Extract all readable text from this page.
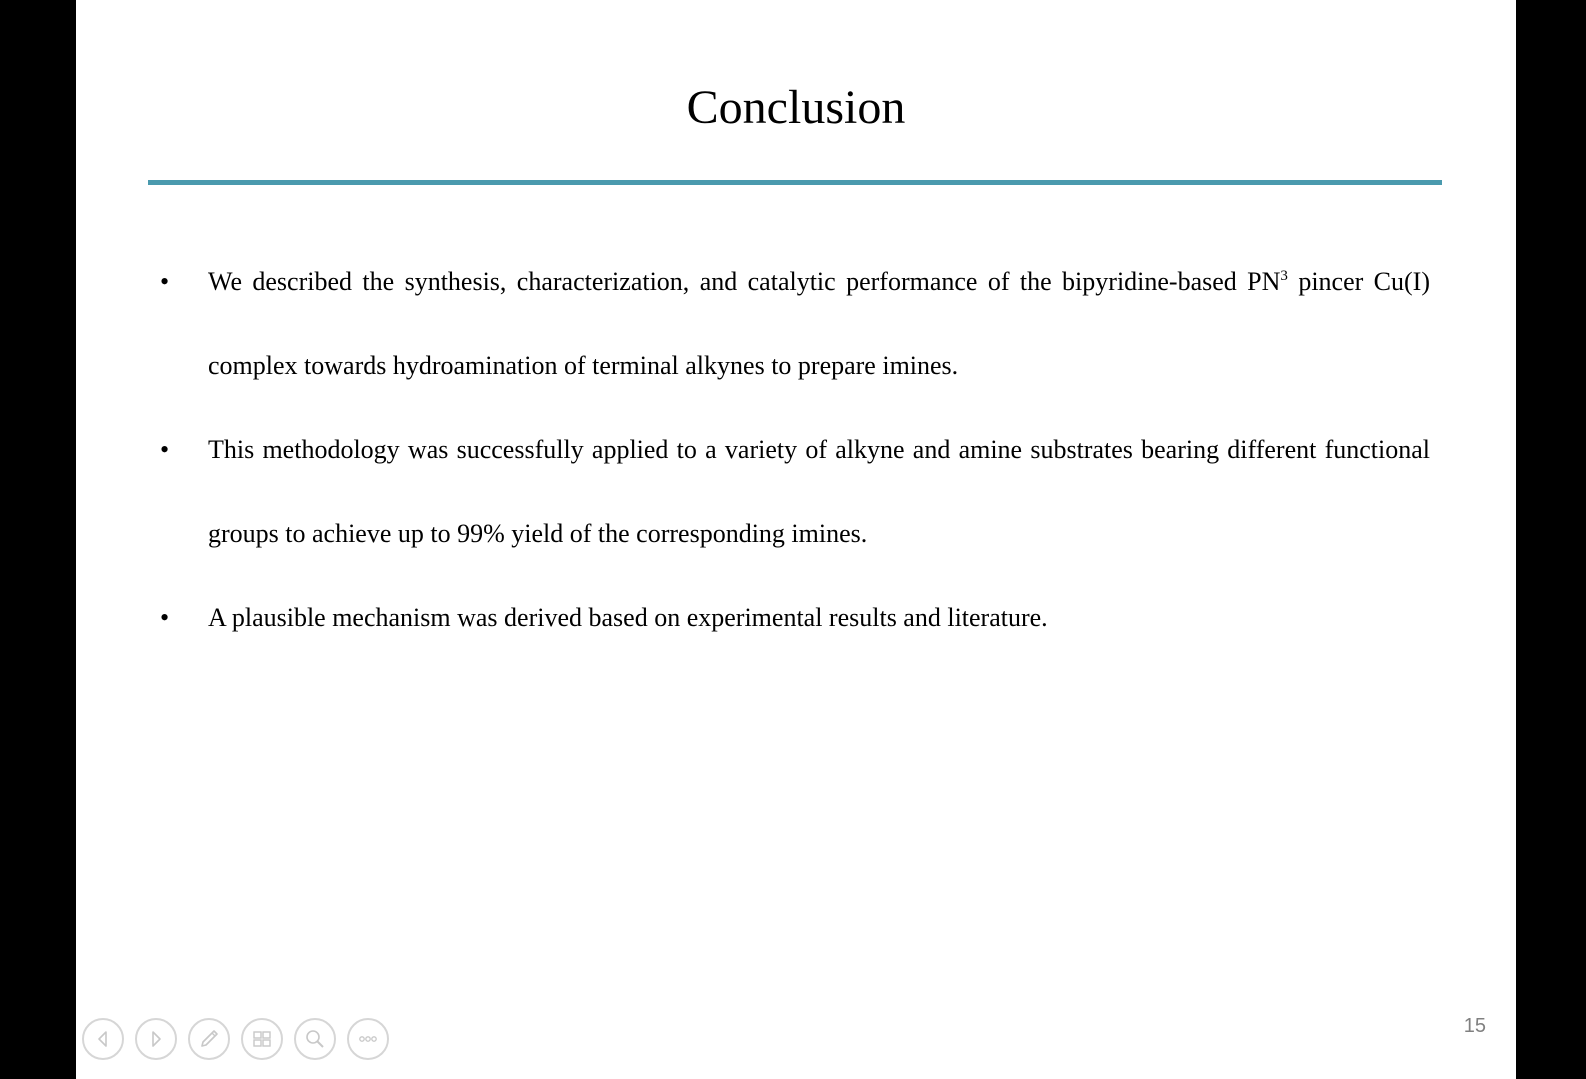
Conclusion
• We described the synthesis, characterization, and catalytic performance of the bipyridine-based $PN^3$ pincer Cu(I) complex towards hydroamination of terminal alkynes to prepare imines.
• This methodology was successfully applied to a variety of alkyne and amine substrates bearing different functional groups to achieve up to 99% yield of the corresponding imines.
• A plausible mechanism was derived based on experimental results and literature.
15
